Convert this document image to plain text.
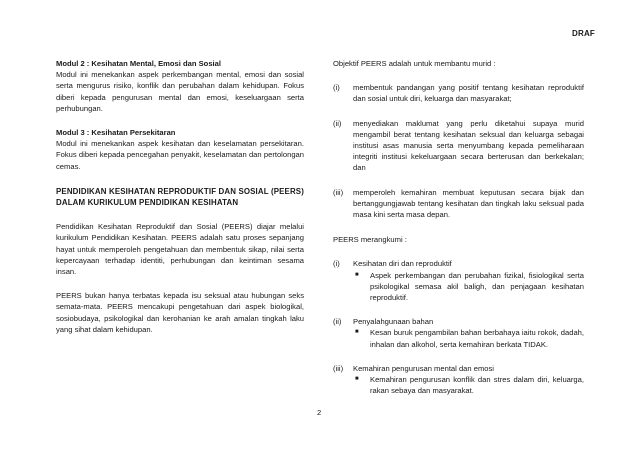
DRAF
Modul 2 : Kesihatan Mental, Emosi dan Sosial
Modul ini menekankan aspek perkembangan mental, emosi dan sosial serta mengurus risiko, konflik dan perubahan dalam kehidupan. Fokus diberi kepada pengurusan mental dan emosi, keseluargaan serta perhubungan.
Modul 3 : Kesihatan Persekitaran
Modul ini menekankan aspek kesihatan dan keselamatan persekitaran. Fokus diberi kepada pencegahan penyakit, keselamatan dan pertolongan cemas.
PENDIDIKAN KESIHATAN REPRODUKTIF DAN SOSIAL (PEERS) DALAM KURIKULUM PENDIDIKAN KESIHATAN
Pendidikan Kesihatan Reproduktif dan Sosial (PEERS) diajar melalui kurikulum Pendidikan Kesihatan. PEERS adalah satu proses sepanjang hayat untuk memperoleh pengetahuan dan membentuk sikap, nilai serta kepercayaan terhadap identiti, perhubungan dan keintiman sesama insan.
PEERS bukan hanya terbatas kepada isu seksual atau hubungan seks semata-mata. PEERS mencakupi pengetahuan dari aspek biologikal, sosiobudaya, psikologikal dan kerohanian ke arah amalan tingkah laku yang sihat dalam kehidupan.
Objektif PEERS adalah untuk membantu murid :
(i)	membentuk pandangan yang positif tentang kesihatan reproduktif dan sosial untuk diri, keluarga dan masyarakat;
(ii)	menyediakan maklumat yang perlu diketahui supaya murid mengambil berat tentang kesihatan seksual dan keluarga sebagai institusi asas manusia serta menyumbang kepada pemeliharaan integriti institusi kekeluargaan secara berterusan dan berkekalan; dan
(iii)	memperoleh kemahiran membuat keputusan secara bijak dan bertanggungjawab tentang kesihatan dan tingkah laku seksual pada masa kini serta masa depan.
PEERS merangkumi :
(i)	Kesihatan diri dan reproduktif
■	Aspek perkembangan dan perubahan fizikal, fisiologikal serta psikologikal semasa akil baligh, dan penjagaan kesihatan reproduktif.
(ii)	Penyalahgunaan bahan
■	Kesan buruk pengambilan bahan berbahaya iaitu rokok, dadah, inhalan dan alkohol, serta kemahiran berkata TIDAK.
(iii)	Kemahiran pengurusan mental dan emosi
■	Kemahiran pengurusan konflik dan stres dalam diri, keluarga, rakan sebaya dan masyarakat.
2
